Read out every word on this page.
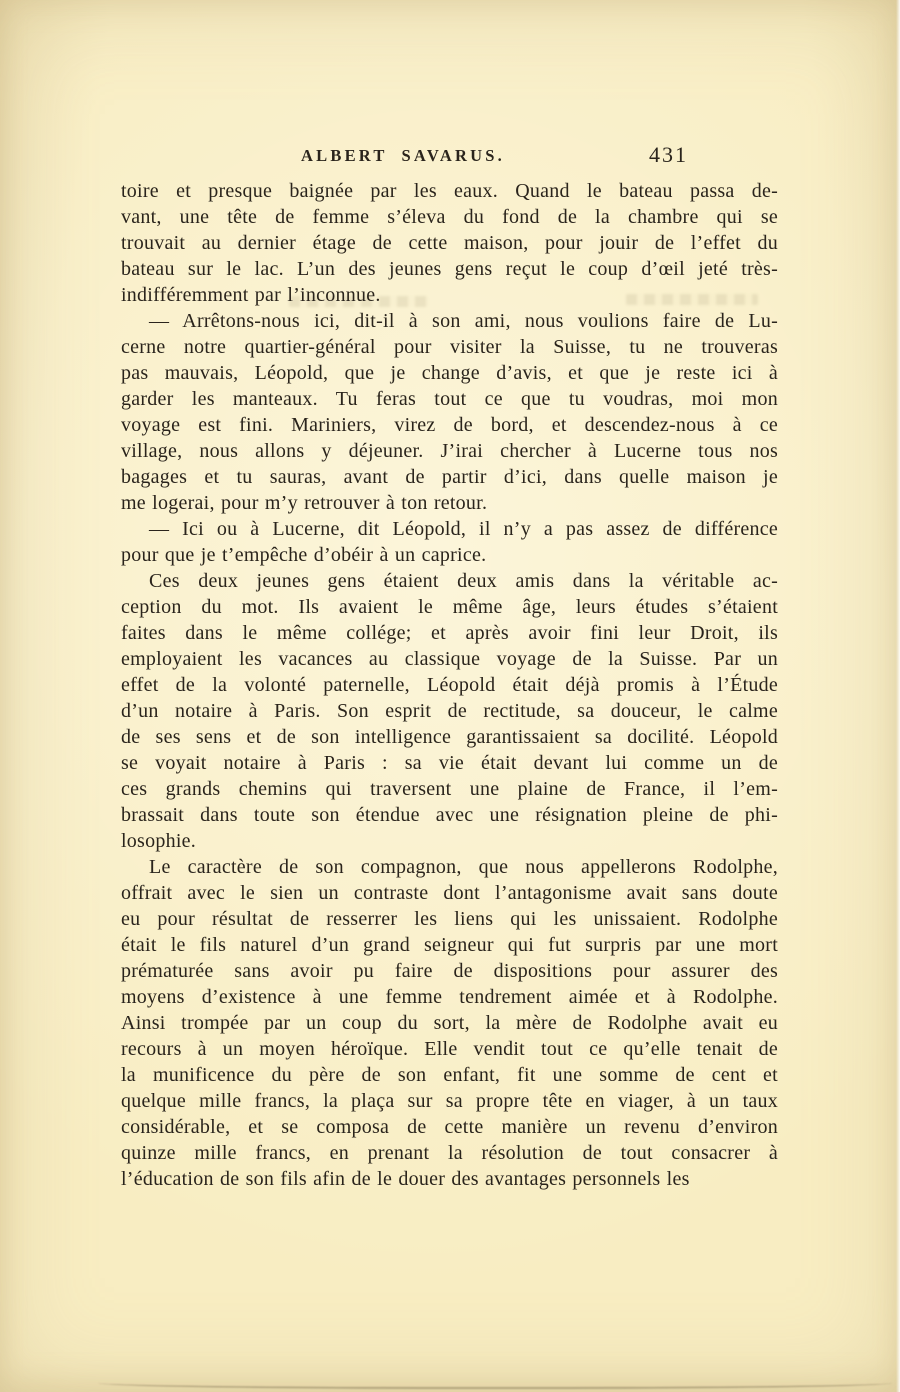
ALBERT SAVARUS.	431
toire et presque baignée par les eaux. Quand le bateau passa de-
vant, une tête de femme s’éleva du fond de la chambre qui se
trouvait au dernier étage de cette maison, pour jouir de l’effet du
bateau sur le lac. L’un des jeunes gens reçut le coup d’œil jeté très-
indifféremment par l’inconnue.
— Arrêtons-nous ici, dit-il à son ami, nous voulions faire de Lu-
cerne notre quartier-général pour visiter la Suisse, tu ne trouveras
pas mauvais, Léopold, que je change d’avis, et que je reste ici à
garder les manteaux. Tu feras tout ce que tu voudras, moi mon
voyage est fini. Mariniers, virez de bord, et descendez-nous à ce
village, nous allons y déjeuner. J’irai chercher à Lucerne tous nos
bagages et tu sauras, avant de partir d’ici, dans quelle maison je
me logerai, pour m’y retrouver à ton retour.
— Ici ou à Lucerne, dit Léopold, il n’y a pas assez de différence
pour que je t’empêche d’obéir à un caprice.
Ces deux jeunes gens étaient deux amis dans la véritable ac-
ception du mot. Ils avaient le même âge, leurs études s’étaient
faites dans le même collége; et après avoir fini leur Droit, ils
employaient les vacances au classique voyage de la Suisse. Par un
effet de la volonté paternelle, Léopold était déjà promis à l’Étude
d’un notaire à Paris. Son esprit de rectitude, sa douceur, le calme
de ses sens et de son intelligence garantissaient sa docilité. Léopold
se voyait notaire à Paris : sa vie était devant lui comme un de
ces grands chemins qui traversent une plaine de France, il l’em-
brassait dans toute son étendue avec une résignation pleine de phi-
losophie.
Le caractère de son compagnon, que nous appellerons Rodolphe,
offrait avec le sien un contraste dont l’antagonisme avait sans doute
eu pour résultat de resserrer les liens qui les unissaient. Rodolphe
était le fils naturel d’un grand seigneur qui fut surpris par une mort
prématurée sans avoir pu faire de dispositions pour assurer des
moyens d’existence à une femme tendrement aimée et à Rodolphe.
Ainsi trompée par un coup du sort, la mère de Rodolphe avait eu
recours à un moyen héroïque. Elle vendit tout ce qu’elle tenait de
la munificence du père de son enfant, fit une somme de cent et
quelque mille francs, la plaça sur sa propre tête en viager, à un taux
considérable, et se composa de cette manière un revenu d’environ
quinze mille francs, en prenant la résolution de tout consacrer à
l’éducation de son fils afin de le douer des avantages personnels les
